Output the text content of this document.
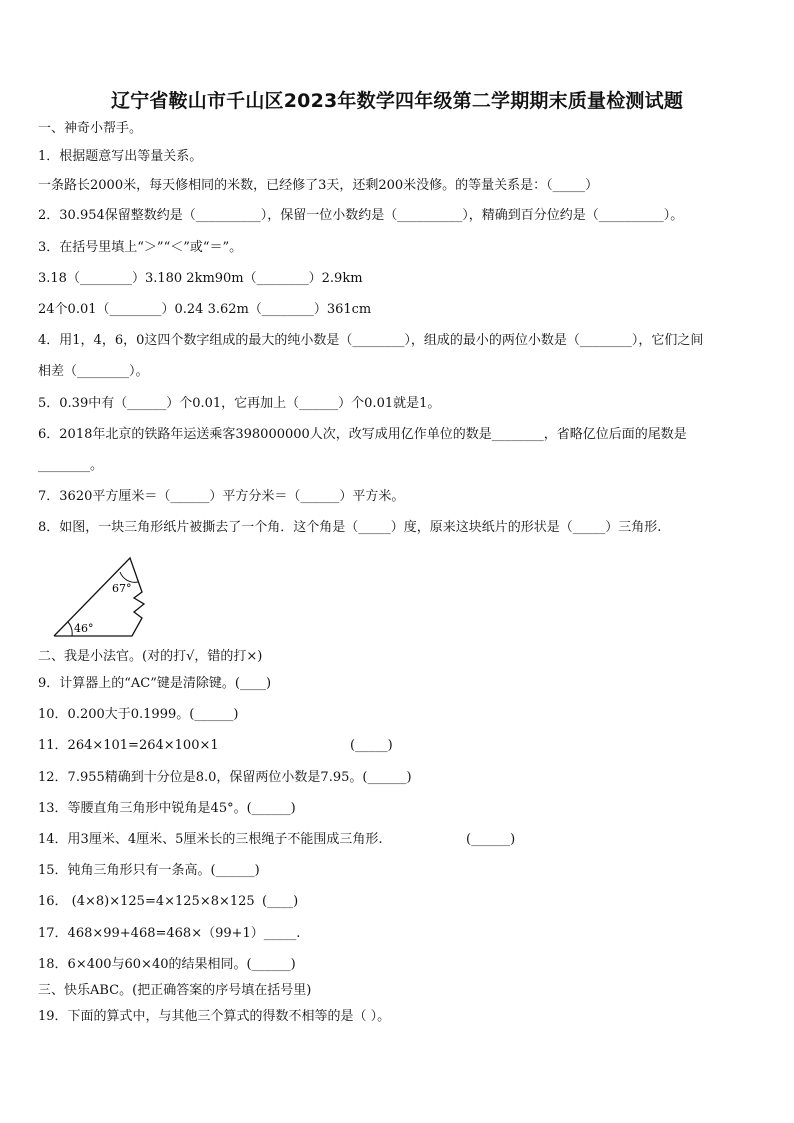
辽宁省鞍山市千山区2023年数学四年级第二学期期末质量检测试题
一、神奇小帮手。
1．根据题意写出等量关系。
一条路长2000米，每天修相同的米数，已经修了3天，还剩200米没修。的等量关系是：（_____）
2．30.954保留整数约是（__________），保留一位小数约是（__________），精确到百分位约是（__________）。
3．在括号里填上“＞”“＜”或“＝”。
3.18（________）3.180 2km90m（________）2.9km
24个0.01（________）0.24 3.62m（________）361cm
4．用1，4，6，0这四个数字组成的最大的纯小数是（________），组成的最小的两位小数是（________），它们之间
相差（________）。
5．0.39中有（______）个0.01，它再加上（______）个0.01就是1。
6．2018年北京的铁路年运送乘客398000000人次，改写成用亿作单位的数是________，省略亿位后面的尾数是
________。
7．3620平方厘米＝（______）平方分米＝（______）平方米。
8．如图，一块三角形纸片被撕去了一个角．这个角是（_____）度，原来这块纸片的形状是（_____）三角形.
67°
46°
二、我是小法官。(对的打√，错的打×)
9．计算器上的“AC”键是清除键。(____)
10．0.200大于0.1999。(______)
11．264×101=264×100×1	(_____)
12．7.955精确到十分位是8.0，保留两位小数是7.95。(______)
13．等腰直角三角形中锐角是45°。(______)
14．用3厘米、4厘米、5厘米长的三根绳子不能围成三角形.	(______)
15．钝角三角形只有一条高。(______)
16． (4×8)×125=4×125×8×125 (____)
17．468×99+468=468×（99+1）_____.
18．6×400与60×40的结果相同。(______)
三、快乐ABC。(把正确答案的序号填在括号里)
19．下面的算式中，与其他三个算式的得数不相等的是（ ）。
